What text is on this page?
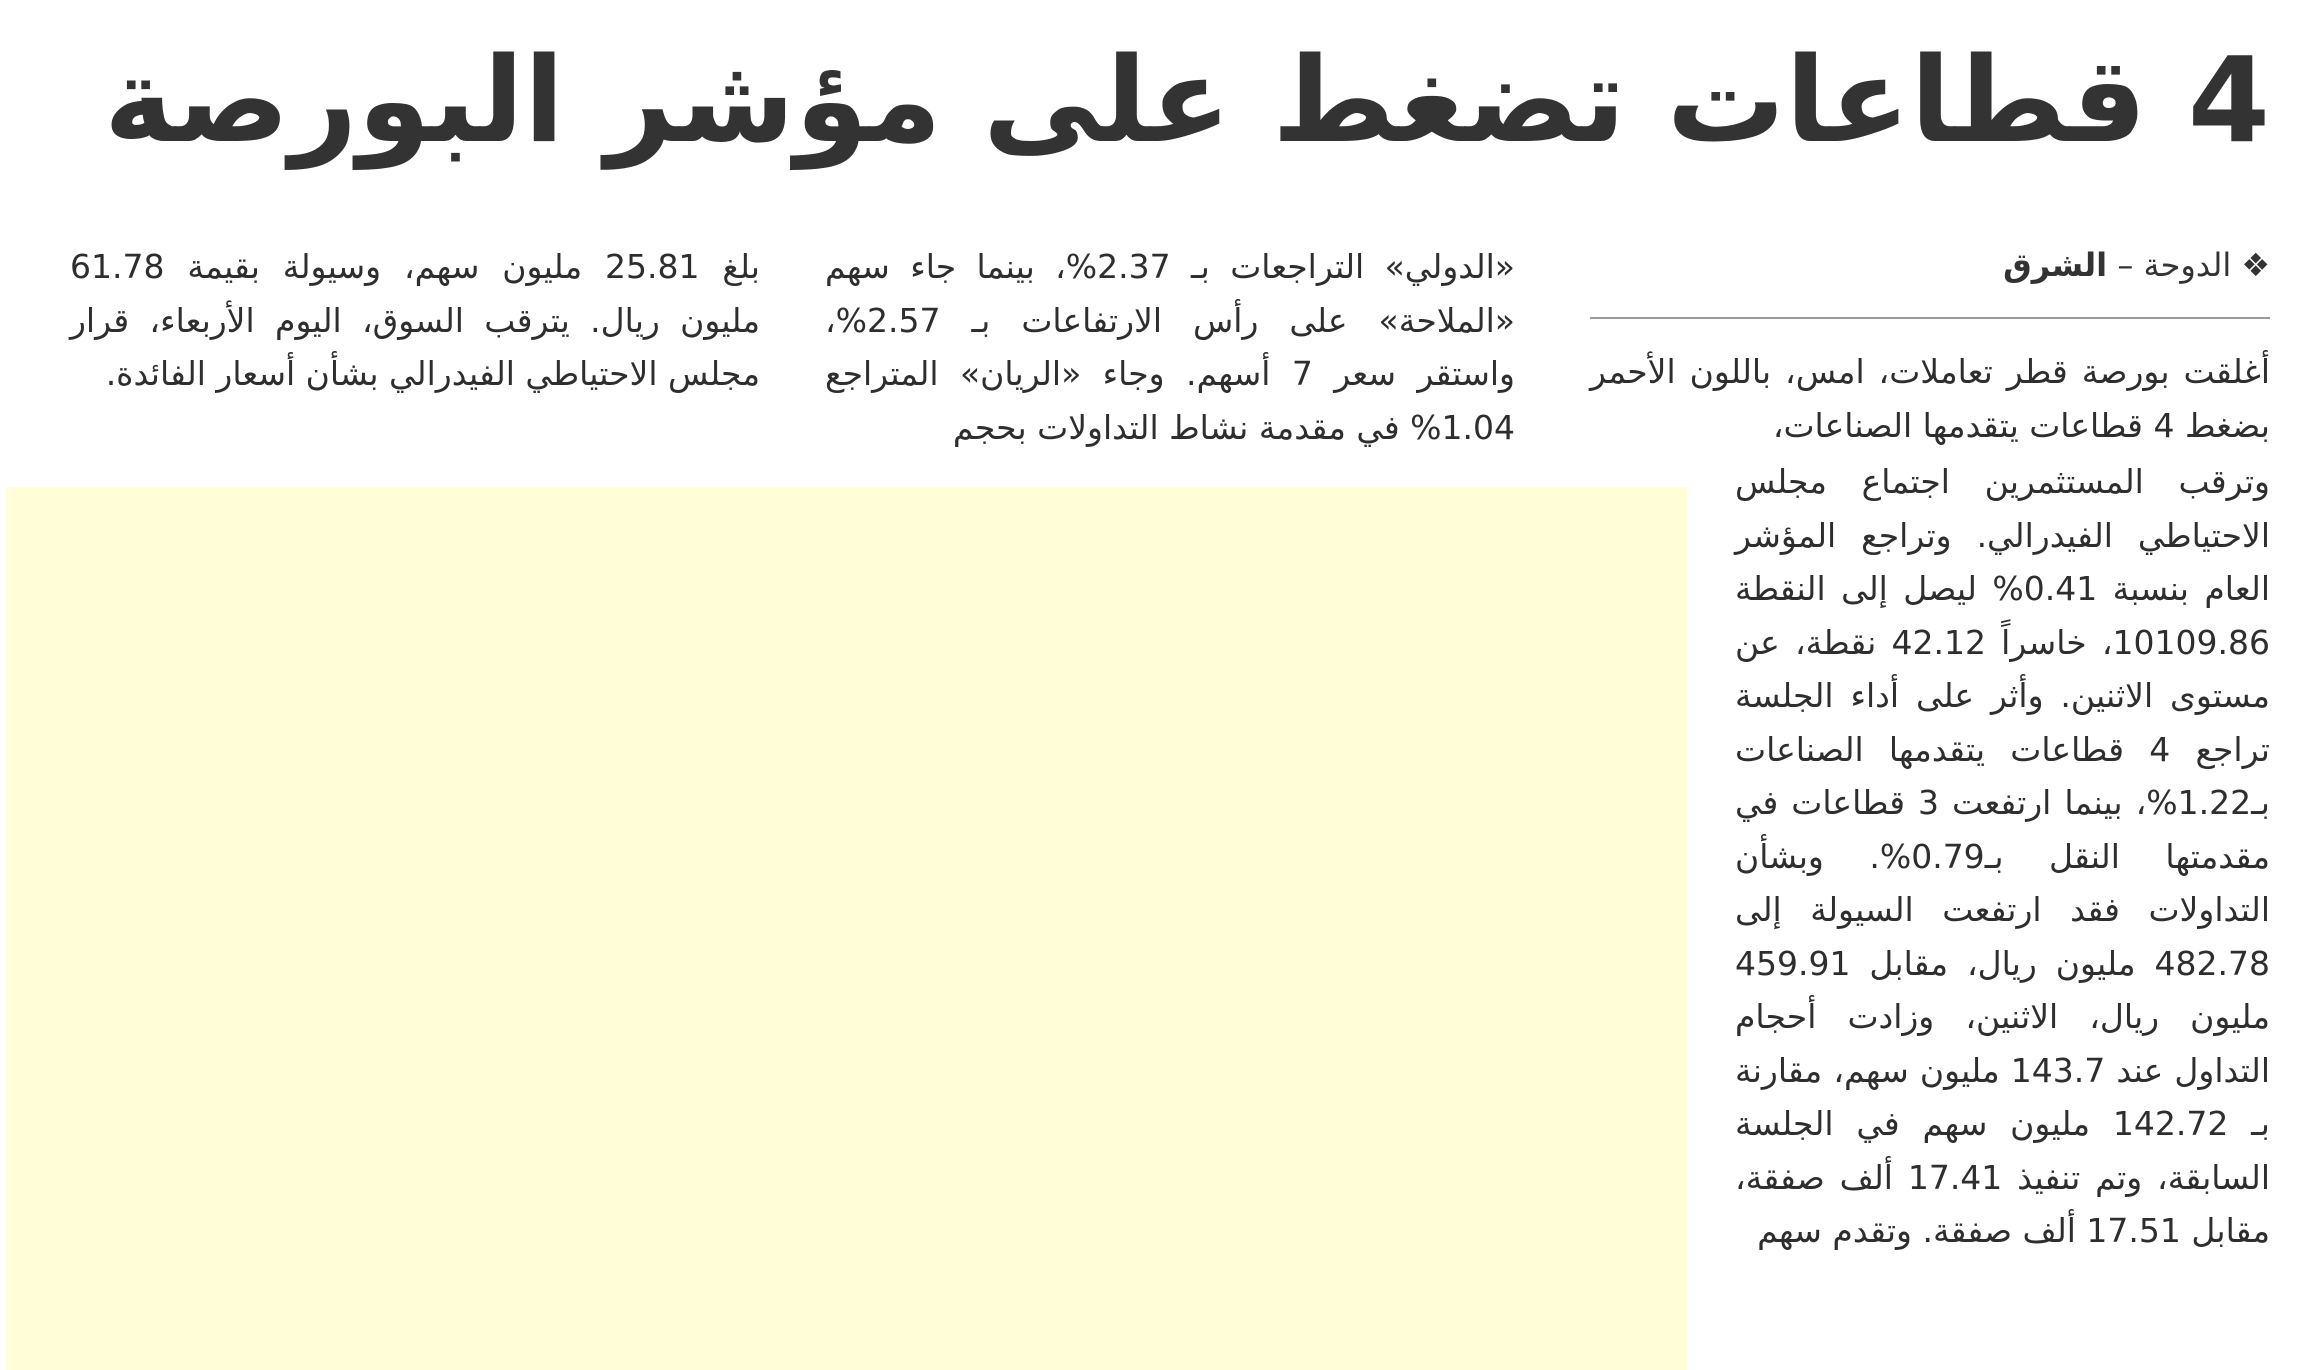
4 قطاعات تضغط على مؤشر البورصة
❖الدوحة – الشرق

أغلقت بورصة قطر تعاملات، امس، باللون الأحمر بضغط 4 قطاعات يتقدمها الصناعات،

وترقب المستثمرين اجتماع مجلس الاحتياطي الفيدرالي. وتراجع المؤشر العام بنسبة 0.41% ليصل إلى النقطة 10109.86، خاسراً 42.12 نقطة، عن مستوى الاثنين. وأثر على أداء الجلسة تراجع 4 قطاعات يتقدمها الصناعات بـ1.22%، بينما ارتفعت 3 قطاعات في مقدمتها النقل بـ0.79%. وبشأن التداولات فقد ارتفعت السيولة إلى 482.78 مليون ريال، مقابل 459.91 مليون ريال، الاثنين، وزادت أحجام التداول عند 143.7 مليون سهم، مقارنة بـ 142.72 مليون سهم في الجلسة السابقة، وتم تنفيذ 17.41 ألف صفقة، مقابل 17.51 ألف صفقة. وتقدم سهم

«الدولي» التراجعات بـ 2.37%، بينما جاء سهم «الملاحة» على رأس الارتفاعات بـ 2.57%، واستقر سعر 7 أسهم. وجاء «الريان» المتراجع 1.04% في مقدمة نشاط التداولات بحجم

بلغ 25.81 مليون سهم، وسيولة بقيمة 61.78 مليون ريال. يترقب السوق، اليوم الأربعاء، قرار مجلس الاحتياطي الفيدرالي بشأن أسعار الفائدة.
